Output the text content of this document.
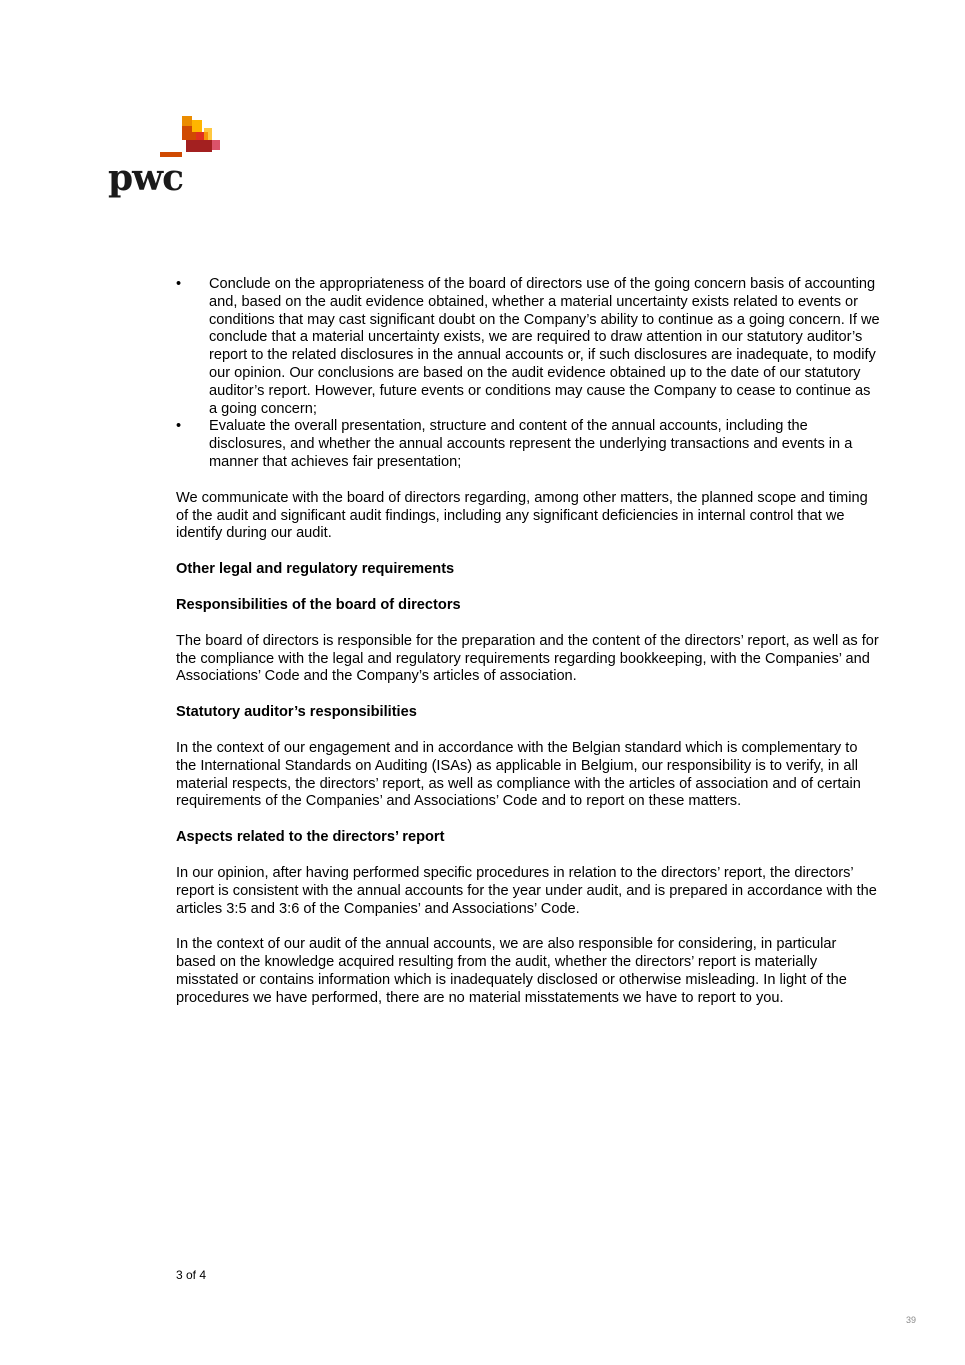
pwc
• Conclude on the appropriateness of the board of directors use of the going concern basis of accounting and, based on the audit evidence obtained, whether a material uncertainty exists related to events or conditions that may cast significant doubt on the Company’s ability to continue as a going concern. If we conclude that a material uncertainty exists, we are required to draw attention in our statutory auditor’s report to the related disclosures in the annual accounts or, if such disclosures are inadequate, to modify our opinion. Our conclusions are based on the audit evidence obtained up to the date of our statutory auditor’s report. However, future events or conditions may cause the Company to cease to continue as a going concern;
• Evaluate the overall presentation, structure and content of the annual accounts, including the disclosures, and whether the annual accounts represent the underlying transactions and events in a manner that achieves fair presentation;

We communicate with the board of directors regarding, among other matters, the planned scope and timing of the audit and significant audit findings, including any significant deficiencies in internal control that we identify during our audit.

Other legal and regulatory requirements

Responsibilities of the board of directors

The board of directors is responsible for the preparation and the content of the directors’ report, as well as for the compliance with the legal and regulatory requirements regarding bookkeeping, with the Companies’ and Associations’ Code and the Company’s articles of association.

Statutory auditor’s responsibilities

In the context of our engagement and in accordance with the Belgian standard which is complementary to the International Standards on Auditing (ISAs) as applicable in Belgium, our responsibility is to verify, in all material respects, the directors’ report, as well as compliance with the articles of association and of certain requirements of the Companies’ and Associations’ Code and to report on these matters.

Aspects related to the directors’ report

In our opinion, after having performed specific procedures in relation to the directors’ report, the directors’ report is consistent with the annual accounts for the year under audit, and is prepared in accordance with the articles 3:5 and 3:6 of the Companies’ and Associations’ Code.

In the context of our audit of the annual accounts, we are also responsible for considering, in particular based on the knowledge acquired resulting from the audit, whether the directors’ report is materially misstated or contains information which is inadequately disclosed or otherwise misleading. In light of the procedures we have performed, there are no material misstatements we have to report to you.

3 of 4
39
